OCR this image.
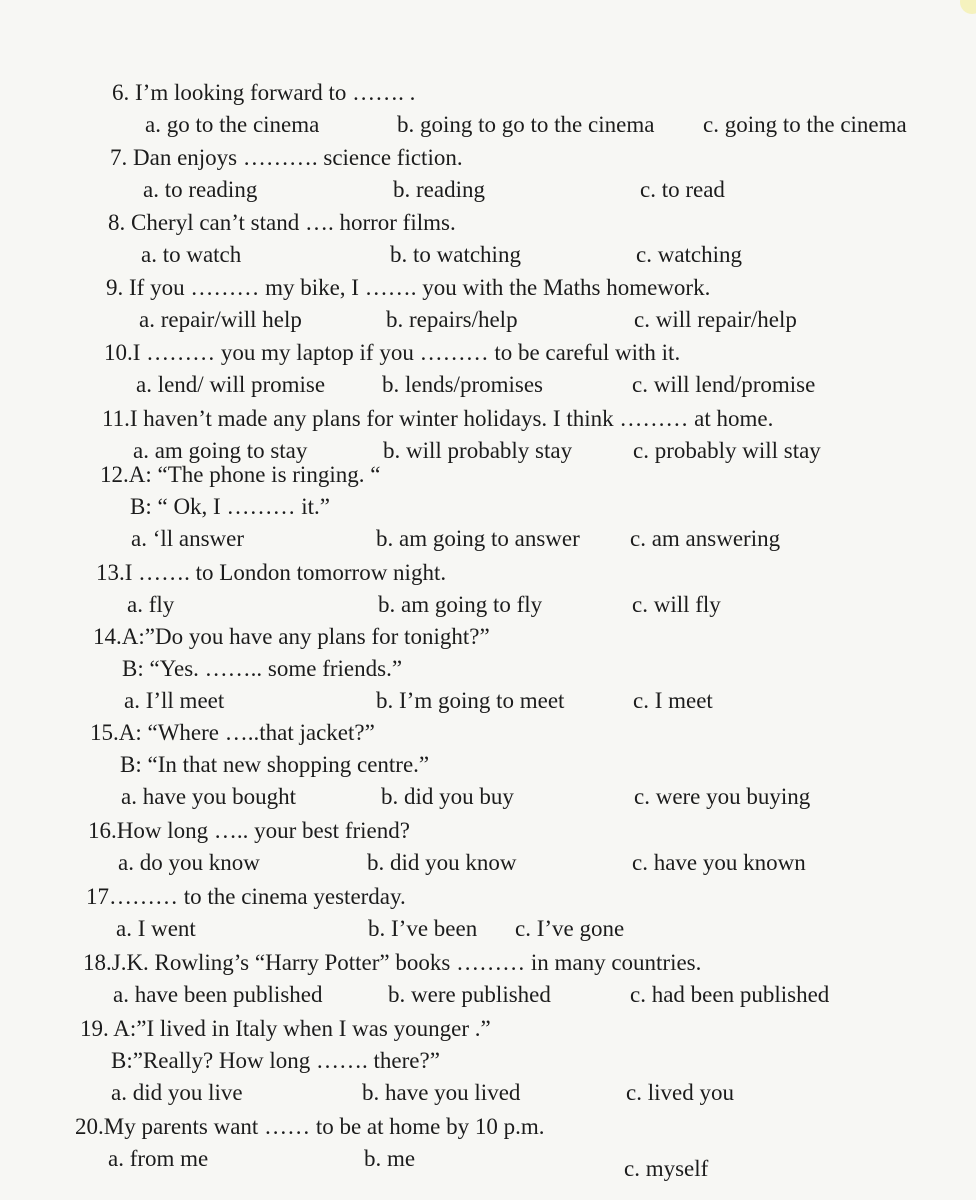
6. I’m looking forward to ……. .
a. go to the cinema	b. going to go to the cinema c. going to the cinema
7. Dan enjoys ………. science fiction.
a. to reading	b. reading	c. to read
8. Cheryl can’t stand …. horror films.
a. to watch	b. to watching	c. watching
9. If you ……… my bike, I ……. you with the Maths homework.
a. repair/will help	b. repairs/help	c. will repair/help
10.I ……… you my laptop if you ……… to be careful with it.
a. lend/ will promise b. lends/promises	c. will lend/promise
11.I haven’t made any plans for winter holidays. I think ……… at home.
a. am going to stay	b. will probably stay	c. probably will stay
12.A: “The phone is ringing. “
B: “ Ok, I ……… it.”
a. ‘ll answer	b. am going to answer c. am answering
13.I ……. to London tomorrow night.
a. fly	b. am going to fly	c. will fly
14.A:”Do you have any plans for tonight?”
B: “Yes. …….. some friends.”
a. I’ll meet	b. I’m going to meet	c. I meet
15.A: “Where …..that jacket?”
B: “In that new shopping centre.”
a. have you bought	b. did you buy	c. were you buying
16.How long ….. your best friend?
a. do you know	b. did you know	c. have you known
17……… to the cinema yesterday.
a. I went	b. I’ve been c. I’ve gone
18.J.K. Rowling’s “Harry Potter” books ……… in many countries.
a. have been published	b. were published	c. had been published
19. A:”I lived in Italy when I was younger .”
B:”Really? How long ……. there?”
a. did you live	b. have you lived	c. lived you
20.My parents want …… to be at home by 10 p.m.
a. from me	b. me	c. myself
